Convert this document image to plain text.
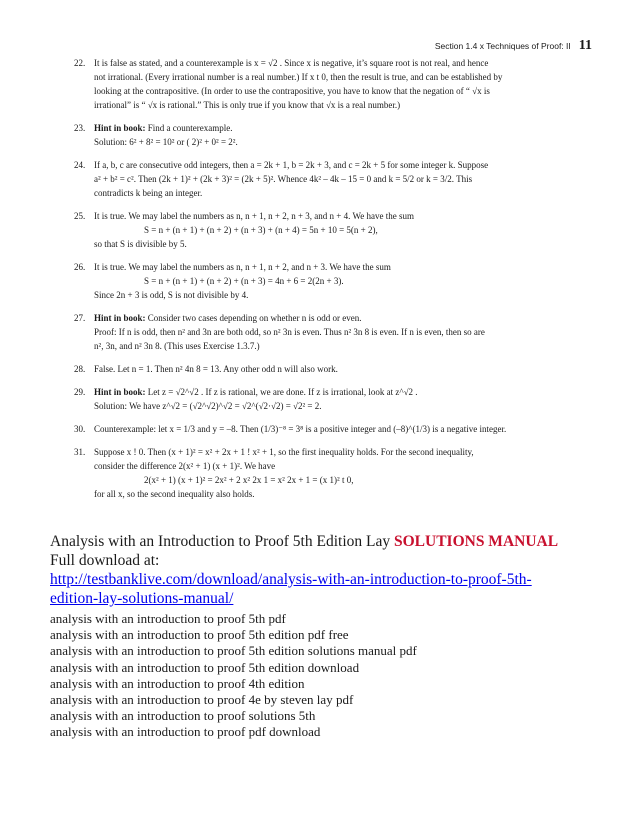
Section 1.4 x Techniques of Proof: II 11
22. It is false as stated, and a counterexample is x = √2 . Since x is negative, it’s square root is not real, and hence

not irrational. (Every irrational number is a real number.) If x t 0, then the result is true, and can be established by

looking at the contrapositive. (In order to use the contrapositive, you have to know that the negation of “ √x is

irrational” is “ √x is rational.” This is only true if you know that √x is a real number.)

23. Hint in book: Find a counterexample.

Solution: 6² + 8² = 10² or ( 2)² + 0² = 2².

24. If a, b, c are consecutive odd integers, then a = 2k + 1, b = 2k + 3, and c = 2k + 5 for some integer k. Suppose

a² + b² = c². Then (2k + 1)² + (2k + 3)² = (2k + 5)². Whence 4k² – 4k – 15 = 0 and k = 5/2 or k = 3/2. This

contradicts k being an integer.

25. It is true. We may label the numbers as n, n + 1, n + 2, n + 3, and n + 4. We have the sum

S = n + (n + 1) + (n + 2) + (n + 3) + (n + 4) = 5n + 10 = 5(n + 2),

so that S is divisible by 5.

26. It is true. We may label the numbers as n, n + 1, n + 2, and n + 3. We have the sum

S = n + (n + 1) + (n + 2) + (n + 3) = 4n + 6 = 2(2n + 3).

Since 2n + 3 is odd, S is not divisible by 4.

27. Hint in book: Consider two cases depending on whether n is odd or even.

Proof: If n is odd, then n² and 3n are both odd, so n² 3n is even. Thus n² 3n 8 is even. If n is even, then so are

n², 3n, and n² 3n 8. (This uses Exercise 1.3.7.)

28. False. Let n = 1. Then n² 4n 8 = 13. Any other odd n will also work.

29. Hint in book: Let z = √2^√2 . If z is rational, we are done. If z is irrational, look at z^√2 .

Solution: We have z^√2 = (√2^√2)^√2 = √2^(√2·√2) = √2² = 2.

30. Counterexample: let x = 1/3 and y = –8. Then (1/3)⁻⁸ = 3⁸ is a positive integer and (–8)^(1/3) is a negative integer.

31. Suppose x ! 0. Then (x + 1)² = x² + 2x + 1 ! x² + 1, so the first inequality holds. For the second inequality,

consider the difference 2(x² + 1) (x + 1)². We have

2(x² + 1) (x + 1)² = 2x² + 2 x² 2x 1 = x² 2x + 1 = (x 1)² t 0,

for all x, so the second inequality also holds.

Analysis with an Introduction to Proof 5th Edition Lay SOLUTIONS MANUAL

Full download at:

http://testbanklive.com/download/analysis-with-an-introduction-to-proof-5th-
edition-lay-solutions-manual/

analysis with an introduction to proof 5th pdf

analysis with an introduction to proof 5th edition pdf free

analysis with an introduction to proof 5th edition solutions manual pdf

analysis with an introduction to proof 5th edition download

analysis with an introduction to proof 4th edition

analysis with an introduction to proof 4e by steven lay pdf

analysis with an introduction to proof solutions 5th

analysis with an introduction to proof pdf download
